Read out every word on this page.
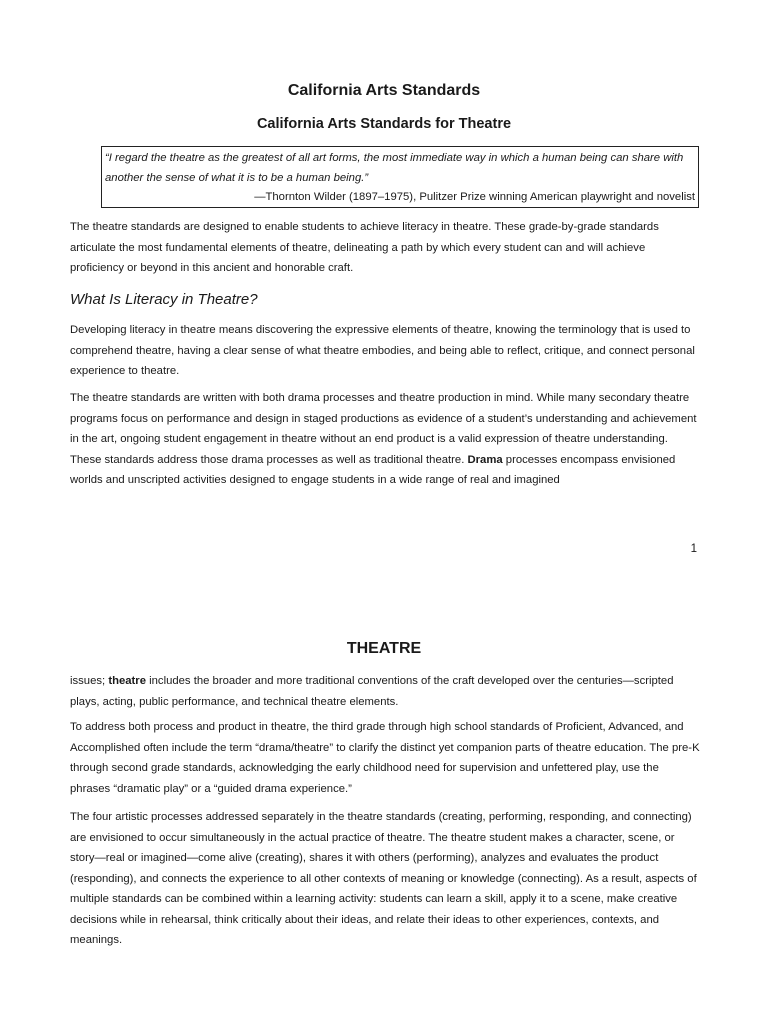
California Arts Standards
California Arts Standards for Theatre
“I regard the theatre as the greatest of all art forms, the most immediate way in which a human being can share with another the sense of what it is to be a human being.”
—Thornton Wilder (1897–1975), Pulitzer Prize winning American playwright and novelist

The theatre standards are designed to enable students to achieve literacy in theatre. These grade-by-grade standards articulate the most fundamental elements of theatre, delineating a path by which every student can and will achieve proficiency or beyond in this ancient and honorable craft.

What Is Literacy in Theatre?

Developing literacy in theatre means discovering the expressive elements of theatre, knowing the terminology that is used to comprehend theatre, having a clear sense of what theatre embodies, and being able to reflect, critique, and connect personal experience to theatre.

The theatre standards are written with both drama processes and theatre production in mind. While many secondary theatre programs focus on performance and design in staged productions as evidence of a student’s understanding and achievement in the art, ongoing student engagement in theatre without an end product is a valid expression of theatre understanding. These standards address those drama processes as well as traditional theatre. Drama processes encompass envisioned worlds and unscripted activities designed to engage students in a wide range of real and imagined

1
THEATRE

issues; theatre includes the broader and more traditional conventions of the craft developed over the centuries—scripted plays, acting, public performance, and technical theatre elements.

To address both process and product in theatre, the third grade through high school standards of Proficient, Advanced, and Accomplished often include the term “drama/theatre” to clarify the distinct yet companion parts of theatre education. The pre-K through second grade standards, acknowledging the early childhood need for supervision and unfettered play, use the phrases “dramatic play” or a “guided drama experience.”

The four artistic processes addressed separately in the theatre standards (creating, performing, responding, and connecting) are envisioned to occur simultaneously in the actual practice of theatre. The theatre student makes a character, scene, or story—real or imagined—come alive (creating), shares it with others (performing), analyzes and evaluates the product (responding), and connects the experience to all other contexts of meaning or knowledge (connecting). As a result, aspects of multiple standards can be combined within a learning activity: students can learn a skill, apply it to a scene, make creative decisions while in rehearsal, think critically about their ideas, and relate their ideas to other experiences, contexts, and meanings.
